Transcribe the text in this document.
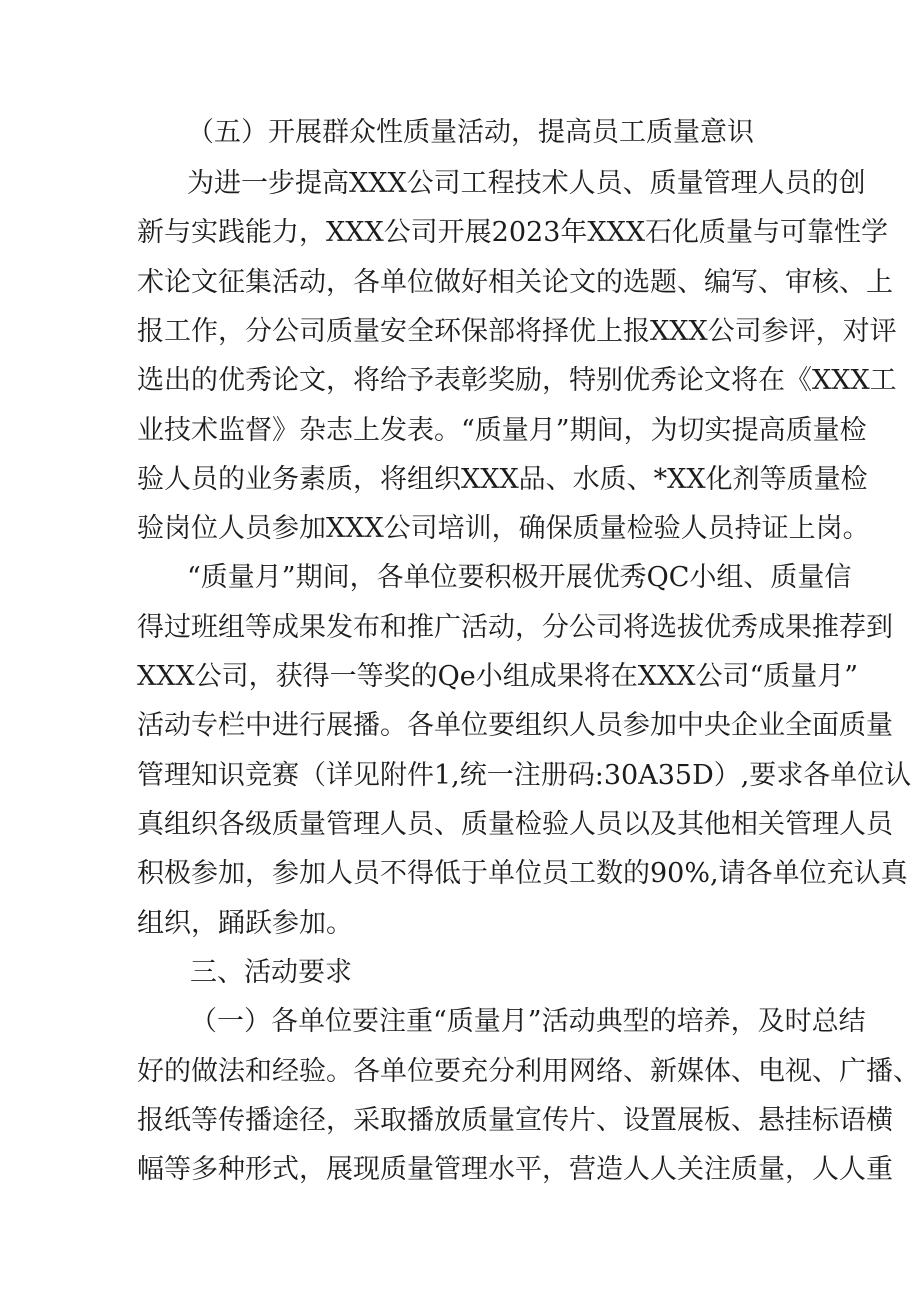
（五）开展群众性质量活动，提高员工质量意识
为进一步提高XXX公司工程技术人员、质量管理人员的创
新与实践能力，XXX公司开展2023年XXX石化质量与可靠性学
术论文征集活动，各单位做好相关论文的选题、编写、审核、上
报工作，分公司质量安全环保部将择优上报XXX公司参评，对评
选出的优秀论文，将给予表彰奖励，特别优秀论文将在《XXX工
业技术监督》杂志上发表。“质量月”期间，为切实提高质量检
验人员的业务素质，将组织XXX品、水质、*XX化剂等质量检
验岗位人员参加XXX公司培训，确保质量检验人员持证上岗。
“质量月”期间，各单位要积极开展优秀QC小组、质量信
得过班组等成果发布和推广活动，分公司将选拔优秀成果推荐到
XXX公司，获得一等奖的Qe小组成果将在XXX公司“质量月”
活动专栏中进行展播。各单位要组织人员参加中央企业全面质量
管理知识竞赛（详见附件1,统一注册码:30A35D）,要求各单位认
真组织各级质量管理人员、质量检验人员以及其他相关管理人员
积极参加，参加人员不得低于单位员工数的90%,请各单位充认真
组织，踊跃参加。
三、活动要求
（一）各单位要注重“质量月”活动典型的培养，及时总结
好的做法和经验。各单位要充分利用网络、新媒体、电视、广播、
报纸等传播途径，采取播放质量宣传片、设置展板、悬挂标语横
幅等多种形式，展现质量管理水平，营造人人关注质量，人人重
